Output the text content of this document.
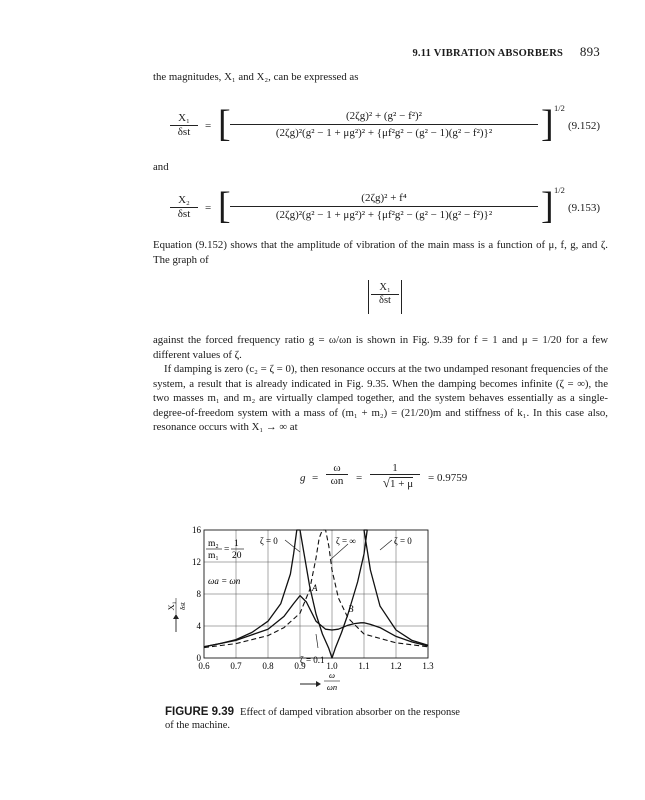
9.11 VIBRATION ABSORBERS 893
the magnitudes, X₁ and X₂, can be expressed as
X₁
δst	= [ $\frac{\text{(2ζg)² + (g² − f²)²}}{\text{(2ζg)²(g² − 1 + μg²)² + \{μf²g² − (g² − 1)(g² − f²)\}²}}$ ] 1/2
(9.152)
and
X₂
δst	= [ $\frac{\text{(2ζg)² + f⁴}}{\text{(2ζg)²(g² − 1 + μg²)² + \{μf²g² − (g² − 1)(g² − f²)\}²}}$ ] 1/2
(9.153)
Equation (9.152) shows that the amplitude of vibration of the main mass is a function of μ, f, g, and ζ. The graph of
X₁
δst
against the forced frequency ratio g = ω/ωn is shown in Fig. 9.39 for f = 1 and μ = 1/20 for a few different values of ζ.
If damping is zero (c₂ = ζ = 0), then resonance occurs at the two undamped resonant frequencies of the system, a result that is already indicated in Fig. 9.35. When the damping becomes infinite (ζ = ∞), the two masses m₁ and m₂ are virtually clamped together, and the system behaves essentially as a single-degree-of-freedom system with a mass of (m₁ + m₂) = (21/20)m and stiffness of k₁. In this case also, resonance occurs with X₁ → ∞ at
$g = \frac{\omega}{\omega n} = \frac{1}{√1 + \mu} = 0.9759$
0.6 0.7 0.8 0.9 1.0 1.1 1.2 1.3
0
4
8
12
16
m₂
m₁
=
1
20
ωa = ωn
ζ = 0	ζ = ∞	ζ = 0
ζ = 0.1
A
B
X₁ δst
ω
ωn
FIGURE 9.39 Effect of damped vibration absorber on the response of the machine.
